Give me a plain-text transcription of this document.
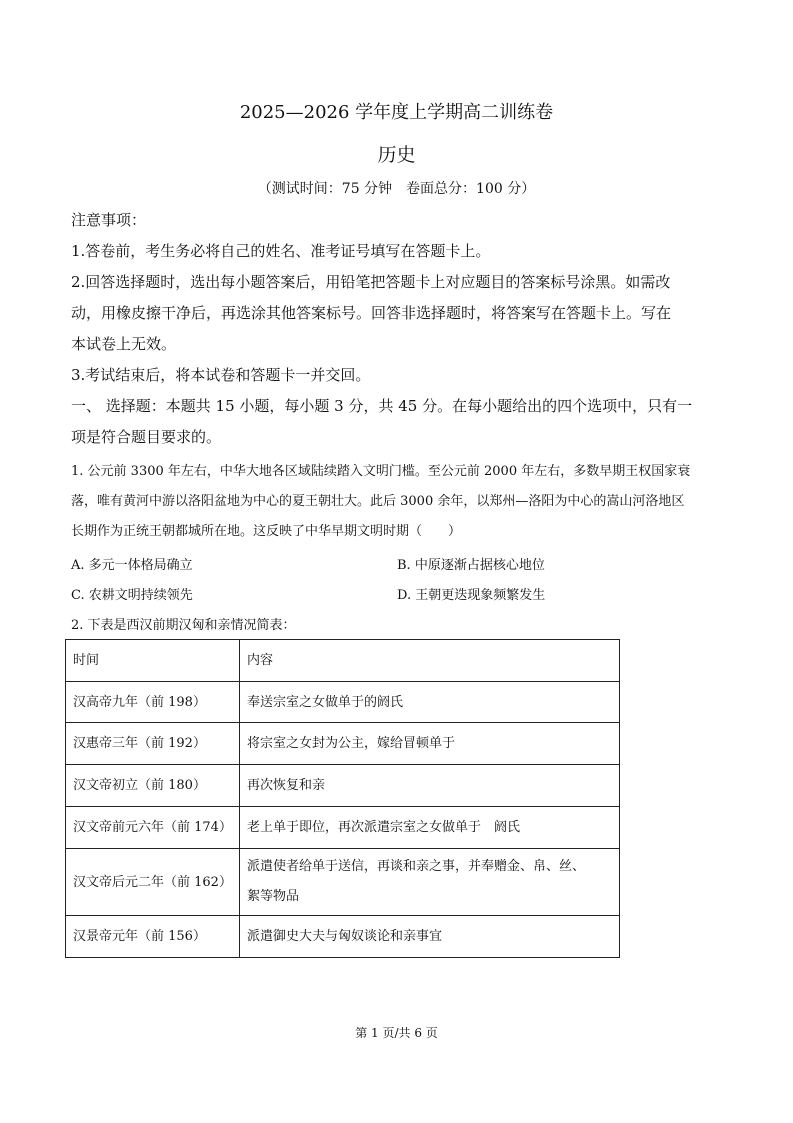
2025—2026 学年度上学期高二训练卷
历史
（测试时间：75 分钟　卷面总分：100 分）
注意事项：
1.答卷前，考生务必将自己的姓名、准考证号填写在答题卡上。
2.回答选择题时，选出每小题答案后，用铅笔把答题卡上对应题目的答案标号涂黑。如需改
动，用橡皮擦干净后，再选涂其他答案标号。回答非选择题时，将答案写在答题卡上。写在
本试卷上无效。
3.考试结束后，将本试卷和答题卡一并交回。
一、 选择题：本题共 15 小题，每小题 3 分，共 45 分。在每小题给出的四个选项中，只有一
项是符合题目要求的。
1. 公元前 3300 年左右，中华大地各区域陆续踏入文明门槛。至公元前 2000 年左右，多数早期王权国家衰
落，唯有黄河中游以洛阳盆地为中心的夏王朝壮大。此后 3000 余年，以郑州—洛阳为中心的嵩山河洛地区
长期作为正统王朝都城所在地。这反映了中华早期文明时期（　　）
A. 多元一体格局确立	B. 中原逐渐占据核心地位
C. 农耕文明持续领先	D. 王朝更迭现象频繁发生
2. 下表是西汉前期汉匈和亲情况简表：
时间	内容
汉高帝九年（前 198）	奉送宗室之女做单于的阏氏
汉惠帝三年（前 192）	将宗室之女封为公主，嫁给冒顿单于
汉文帝初立（前 180）	再次恢复和亲
汉文帝前元六年（前 174）	老上单于即位，再次派遣宗室之女做单于　阏氏
汉文帝后元二年（前 162）	派遣使者给单于送信，再谈和亲之事，并奉赠金、帛、丝、
絮等物品
汉景帝元年（前 156）	派遣御史大夫与匈奴谈论和亲事宜
第 1 页/共 6 页
